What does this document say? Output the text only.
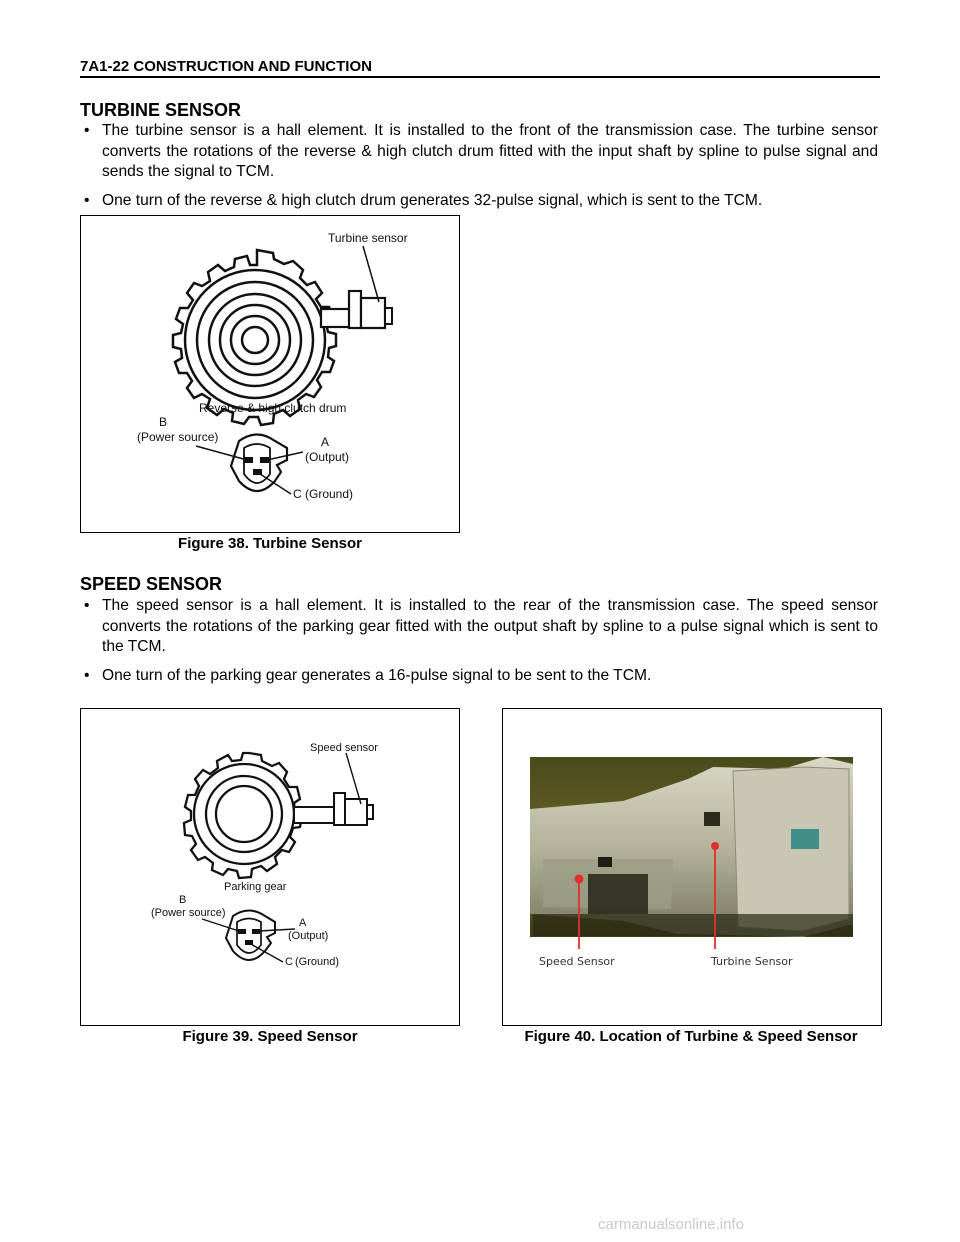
7A1-22 CONSTRUCTION AND FUNCTION
TURBINE SENSOR
• The turbine sensor is a hall element. It is installed to the front of the transmission case. The turbine sensor converts the rotations of the reverse & high clutch drum fitted with the input shaft by spline to pulse signal and sends the signal to TCM.
• One turn of the reverse & high clutch drum generates 32-pulse signal, which is sent to the TCM.
Turbine sensor
Reverse & high clutch drum
B
(Power source)	A
(Output)
C (Ground)
Figure 38. Turbine Sensor
SPEED SENSOR
• The speed sensor is a hall element. It is installed to the rear of the transmission case. The speed sensor converts the rotations of the parking gear fitted with the output shaft by spline to a pulse signal which is sent to the TCM.
• One turn of the parking gear generates a 16-pulse signal to be sent to the TCM.
Speed sensor
Parking gear
B
(Power source)
A
(Output)
C (Ground)
Figure 39. Speed Sensor
Speed Sensor	Turbine Sensor
Figure 40. Location of Turbine & Speed Sensor
carmanualsonline.info
